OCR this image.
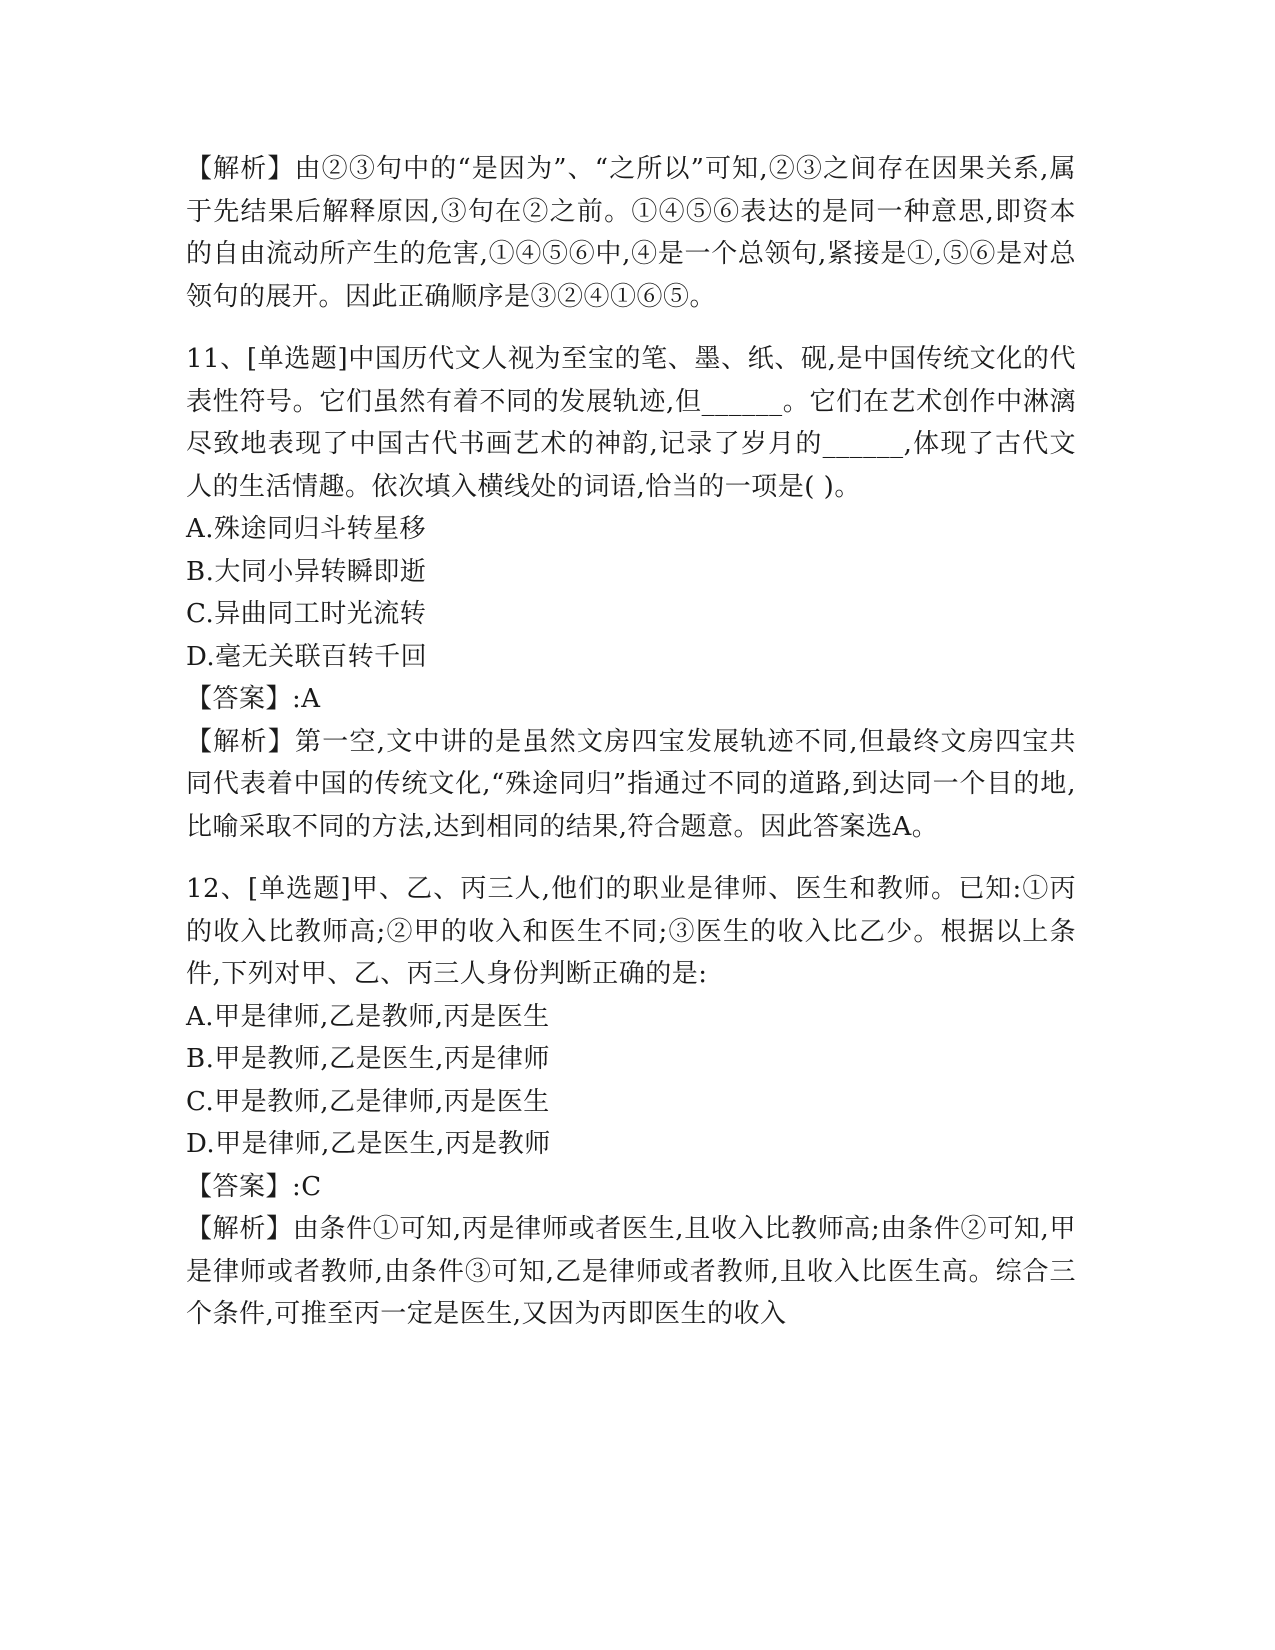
【解析】由②③句中的“是因为”、“之所以”可知,②③之间存在因果关系,属于先结果后解释原因,③句在②之前。①④⑤⑥表达的是同一种意思,即资本的自由流动所产生的危害,①④⑤⑥中,④是一个总领句,紧接是①,⑤⑥是对总领句的展开。因此正确顺序是③②④①⑥⑤。

11、[单选题]中国历代文人视为至宝的笔、墨、纸、砚,是中国传统文化的代表性符号。它们虽然有着不同的发展轨迹,但______。它们在艺术创作中淋漓尽致地表现了中国古代书画艺术的神韵,记录了岁月的______,体现了古代文人的生活情趣。依次填入横线处的词语,恰当的一项是( )。

A.殊途同归斗转星移

B.大同小异转瞬即逝

C.异曲同工时光流转

D.毫无关联百转千回

【答案】:A

【解析】第一空,文中讲的是虽然文房四宝发展轨迹不同,但最终文房四宝共同代表着中国的传统文化,“殊途同归”指通过不同的道路,到达同一个目的地,比喻采取不同的方法,达到相同的结果,符合题意。因此答案选A。

12、[单选题]甲、乙、丙三人,他们的职业是律师、医生和教师。已知:①丙的收入比教师高;②甲的收入和医生不同;③医生的收入比乙少。根据以上条件,下列对甲、乙、丙三人身份判断正确的是:

A.甲是律师,乙是教师,丙是医生

B.甲是教师,乙是医生,丙是律师

C.甲是教师,乙是律师,丙是医生

D.甲是律师,乙是医生,丙是教师

【答案】:C

【解析】由条件①可知,丙是律师或者医生,且收入比教师高;由条件②可知,甲是律师或者教师,由条件③可知,乙是律师或者教师,且收入比医生高。综合三个条件,可推至丙一定是医生,又因为丙即医生的收入
